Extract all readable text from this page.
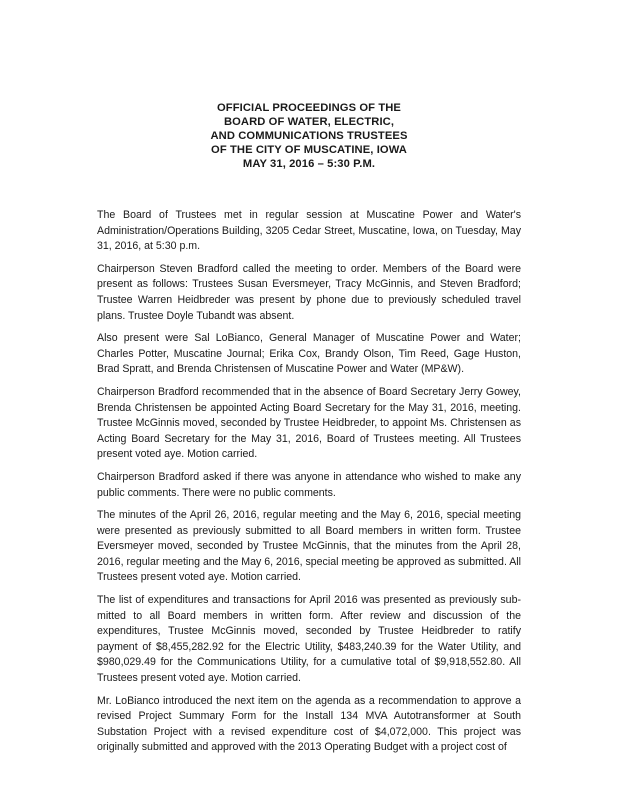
OFFICIAL PROCEEDINGS OF THE
BOARD OF WATER, ELECTRIC,
AND COMMUNICATIONS TRUSTEES
OF THE CITY OF MUSCATINE, IOWA
MAY 31, 2016 – 5:30 P.M.

The Board of Trustees met in regular session at Muscatine Power and Water's Administration/Operations Building, 3205 Cedar Street, Muscatine, Iowa, on Tuesday, May 31, 2016, at 5:30 p.m.

Chairperson Steven Bradford called the meeting to order. Members of the Board were present as follows: Trustees Susan Eversmeyer, Tracy McGinnis, and Steven Bradford; Trustee Warren Heidbreder was present by phone due to previously scheduled travel plans. Trustee Doyle Tubandt was absent.

Also present were Sal LoBianco, General Manager of Muscatine Power and Water; Charles Potter, Muscatine Journal; Erika Cox, Brandy Olson, Tim Reed, Gage Huston, Brad Spratt, and Brenda Christensen of Muscatine Power and Water (MP&W).

Chairperson Bradford recommended that in the absence of Board Secretary Jerry Gowey, Brenda Christensen be appointed Acting Board Secretary for the May 31, 2016, meeting. Trustee McGinnis moved, seconded by Trustee Heidbreder, to appoint Ms. Christensen as Acting Board Secretary for the May 31, 2016, Board of Trustees meeting. All Trustees present voted aye. Motion carried.

Chairperson Bradford asked if there was anyone in attendance who wished to make any public comments. There were no public comments.

The minutes of the April 26, 2016, regular meeting and the May 6, 2016, special meeting were presented as previously submitted to all Board members in written form. Trustee Eversmeyer moved, seconded by Trustee McGinnis, that the minutes from the April 28, 2016, regular meeting and the May 6, 2016, special meeting be approved as submitted. All Trustees present voted aye. Motion carried.

The list of expenditures and transactions for April 2016 was presented as previously submitted to all Board members in written form. After review and discussion of the expenditures, Trustee McGinnis moved, seconded by Trustee Heidbreder to ratify payment of $8,455,282.92 for the Electric Utility, $483,240.39 for the Water Utility, and $980,029.49 for the Communications Utility, for a cumulative total of $9,918,552.80. All Trustees present voted aye. Motion carried.

Mr. LoBianco introduced the next item on the agenda as a recommendation to approve a revised Project Summary Form for the Install 134 MVA Autotransformer at South Substation Project with a revised expenditure cost of $4,072,000. This project was originally submitted and approved with the 2013 Operating Budget with a project cost of
